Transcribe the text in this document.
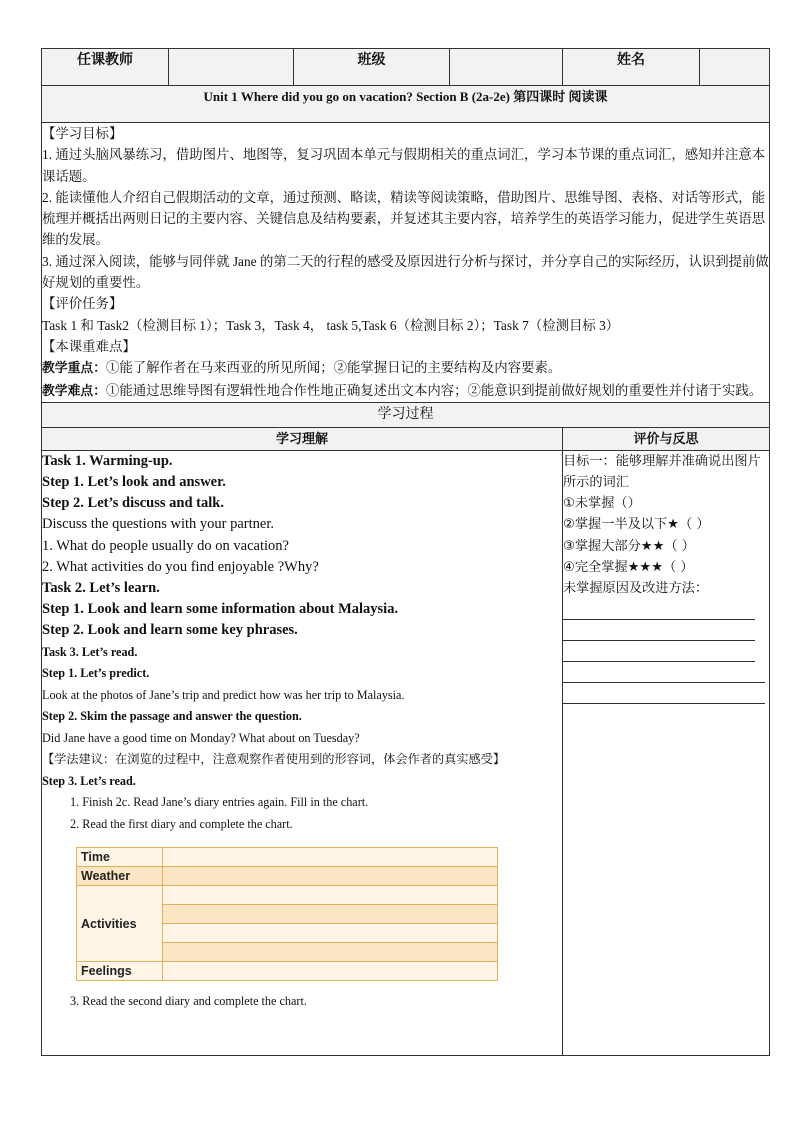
任课教师		班级		姓名	
Unit 1 Where did you go on vacation? Section B (2a-2e) 第四课时 阅读课

【学习目标】

1. 通过头脑风暴练习，借助图片、地图等，复习巩固本单元与假期相关的重点词汇，学习本节课的重点词汇，感知并注意本课话题。

2. 能读懂他人介绍自己假期活动的文章，通过预测、略读，精读等阅读策略，借助图片、思维导图、表格、对话等形式，能梳理并概括出两则日记的主要内容、关键信息及结构要素，并复述其主要内容，培养学生的英语学习能力，促进学生英语思维的发展。

3. 通过深入阅读，能够与同伴就 Jane 的第二天的行程的感受及原因进行分析与探讨，并分享自己的实际经历，认识到提前做好规划的重要性。

【评价任务】

Task 1 和 Task2（检测目标 1）；Task 3，Task 4， task 5,Task 6（检测目标 2）；Task 7（检测目标 3）

【本课重难点】

教学重点：①能了解作者在马来西亚的所见所闻；②能掌握日记的主要结构及内容要素。

教学难点：①能通过思维导图有逻辑性地合作性地正确复述出文本内容；②能意识到提前做好规划的重要性并付诸于实践。

学习过程
学习理解	评价与反思

Task 1. Warming-up.

Step 1. Let’s look and answer.

Step 2. Let’s discuss and talk.

Discuss the questions with your partner.

1. What do people usually do on vacation?

2. What activities do you find enjoyable ?Why?

Task 2. Let’s learn.

Step 1. Look and learn some information about Malaysia.

Step 2. Look and learn some key phrases.

Task 3. Let’s read.

Step 1. Let’s predict.

Look at the photos of Jane’s trip and predict how was her trip to Malaysia.

Step 2. Skim the passage and answer the question.

Did Jane have a good time on Monday? What about on Tuesday?

【学法建议：在浏览的过程中，注意观察作者使用到的形容词，体会作者的真实感受】

Step 3. Let’s read.

1. Finish 2c. Read Jane’s diary entries again. Fill in the chart.

2. Read the first diary and complete the chart.

Time	
Weather	
Activities	

Feelings	

3. Read the second diary and complete the chart.

目标一：能够理解并准确说出图片所示的词汇

①未掌握（）

②掌握一半及以下★（ ）

③掌握大部分★★（ ）

④完全掌握★★★（ ）

未掌握原因及改进方法：
